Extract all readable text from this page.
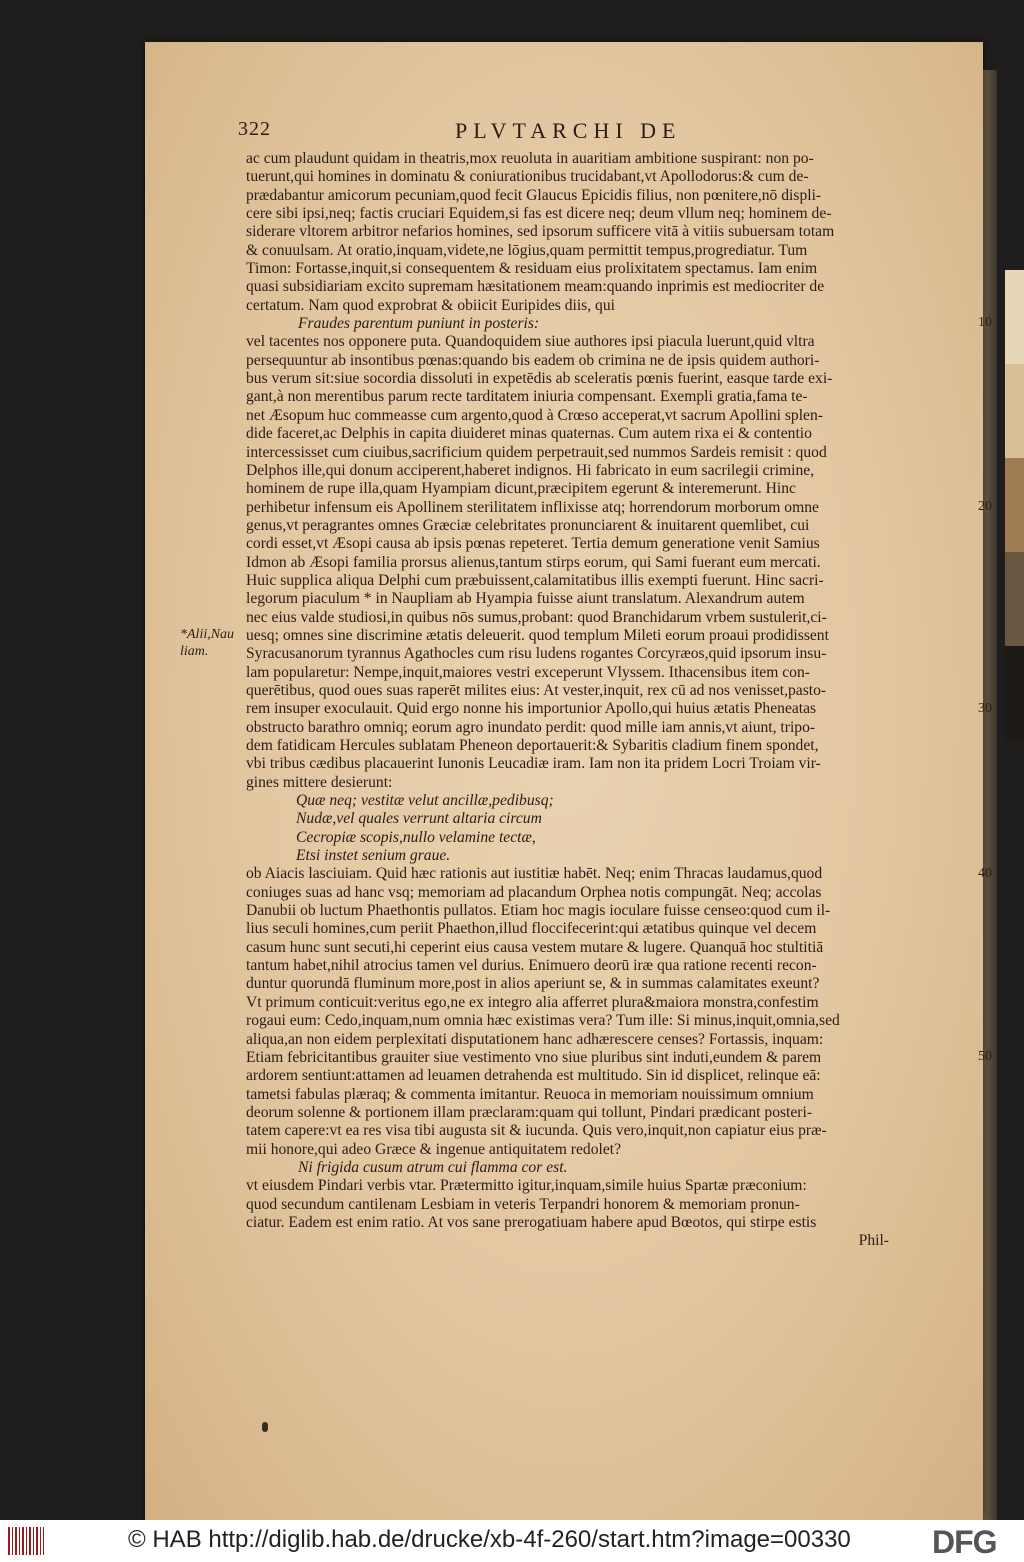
322	PLVTARCHI DE
ac cum plaudunt quidam in theatris,mox reuoluta in auaritiam ambitione suspirant: non po-
tuerunt,qui homines in dominatu & coniurationibus trucidabant,vt Apollodorus:& cum de-
prædabantur amicorum pecuniam,quod fecit Glaucus Epicidis filius, non pœnitere,nō displi-
cere sibi ipsi,neq; factis cruciari Equidem,si fas est dicere neq; deum vllum neq; hominem de-
siderare vltorem arbitror nefarios homines, sed ipsorum sufficere vitā à vitiis subuersam totam
& conuulsam. At oratio,inquam,videte,ne lōgius,quam permittit tempus,progrediatur. Tum
Timon: Fortasse,inquit,si consequentem & residuam eius prolixitatem spectamus. Iam enim
quasi subsidiariam excito supremam hæsitationem meam:quando inprimis est mediocriter de
certatum. Nam quod exprobrat & obiicit Euripides diis, qui
Fraudes parentum puniunt in posteris:
vel tacentes nos opponere puta. Quandoquidem siue authores ipsi piacula luerunt,quid vltra
persequuntur ab insontibus pœnas:quando bis eadem ob crimina ne de ipsis quidem authori-
bus verum sit:siue socordia dissoluti in expetēdis ab sceleratis pœnis fuerint, easque tarde exi-
gant,à non merentibus parum recte tarditatem iniuria compensant. Exempli gratia,fama te-
net Æsopum huc commeasse cum argento,quod à Crœso acceperat,vt sacrum Apollini splen-
dide faceret,ac Delphis in capita diuideret minas quaternas. Cum autem rixa ei & contentio
intercessisset cum ciuibus,sacrificium quidem perpetrauit,sed nummos Sardeis remisit : quod
Delphos ille,qui donum acciperent,haberet indignos. Hi fabricato in eum sacrilegii crimine,
hominem de rupe illa,quam Hyampiam dicunt,præcipitem egerunt & interemerunt. Hinc
perhibetur infensum eis Apollinem sterilitatem inflixisse atq; horrendorum morborum omne
genus,vt peragrantes omnes Græciæ celebritates pronunciarent & inuitarent quemlibet, cui
cordi esset,vt Æsopi causa ab ipsis pœnas repeteret. Tertia demum generatione venit Samius
Idmon ab Æsopi familia prorsus alienus,tantum stirps eorum, qui Sami fuerant eum mercati.
Huic supplica aliqua Delphi cum præbuissent,calamitatibus illis exempti fuerunt. Hinc sacri-
legorum piaculum * in Naupliam ab Hyampia fuisse aiunt translatum. Alexandrum autem
nec eius valde studiosi,in quibus nōs sumus,probant: quod Branchidarum vrbem sustulerit,ci-
uesq; omnes sine discrimine ætatis deleuerit. quod templum Mileti eorum proaui prodidissent
Syracusanorum tyrannus Agathocles cum risu ludens rogantes Corcyræos,quid ipsorum insu-
lam popularetur: Nempe,inquit,maiores vestri exceperunt Vlyssem. Ithacensibus item con-
querētibus, quod oues suas raperēt milites eius: At vester,inquit, rex cū ad nos venisset,pasto-
rem insuper exoculauit. Quid ergo nonne his importunior Apollo,qui huius ætatis Pheneatas
obstructo barathro omniq; eorum agro inundato perdit: quod mille iam annis,vt aiunt, tripo-
dem fatidicam Hercules sublatam Pheneon deportauerit:& Sybaritis cladium finem spondet,
vbi tribus cædibus placauerint Iunonis Leucadiæ iram. Iam non ita pridem Locri Troiam vir-
gines mittere desierunt:
Quæ neq; vestitæ velut ancillæ,pedibusq;
Nudæ,vel quales verrunt altaria circum
Cecropiæ scopis,nullo velamine tectæ,
Etsi instet senium graue.
ob Aiacis lasciuiam. Quid hæc rationis aut iustitiæ habēt. Neq; enim Thracas laudamus,quod
coniuges suas ad hanc vsq; memoriam ad placandum Orphea notis compungāt. Neq; accolas
Danubii ob luctum Phaethontis pullatos. Etiam hoc magis ioculare fuisse censeo:quod cum il-
lius seculi homines,cum periit Phaethon,illud floccifecerint:qui ætatibus quinque vel decem
casum hunc sunt secuti,hi ceperint eius causa vestem mutare & lugere. Quanquā hoc stultitiā
tantum habet,nihil atrocius tamen vel durius. Enimuero deorū iræ qua ratione recenti recon-
duntur quorundā fluminum more,post in alios aperiunt se, & in summas calamitates exeunt?
Vt primum conticuit:veritus ego,ne ex integro alia afferret plura&maiora monstra,confestim
rogaui eum: Cedo,inquam,num omnia hæc existimas vera? Tum ille: Si minus,inquit,omnia,sed
aliqua,an non eidem perplexitati disputationem hanc adhærescere censes? Fortassis, inquam:
Etiam febricitantibus grauiter siue vestimento vno siue pluribus sint induti,eundem & parem
ardorem sentiunt:attamen ad leuamen detrahenda est multitudo. Sin id displicet, relinque eā:
tametsi fabulas plæraq; & commenta imitantur. Reuoca in memoriam nouissimum omnium
deorum solenne & portionem illam præclaram:quam qui tollunt, Pindari prædicant posteri-
tatem capere:vt ea res visa tibi augusta sit & iucunda. Quis vero,inquit,non capiatur eius præ-
mii honore,qui adeo Græce & ingenue antiquitatem redolet?
Ni frigida cusum atrum cui flamma cor est.
vt eiusdem Pindari verbis vtar. Prætermitto igitur,inquam,simile huius Spartæ præconium:
quod secundum cantilenam Lesbiam in veteris Terpandri honorem & memoriam pronun-
ciatur. Eadem est enim ratio. At vos sane prerogatiuam habere apud Bœotos, qui stirpe estis
Phil-
10
20
30
40
50
*Alii,Nau liam.
© HAB http://diglib.hab.de/drucke/xb-4f-260/start.htm?image=00330	DFG
